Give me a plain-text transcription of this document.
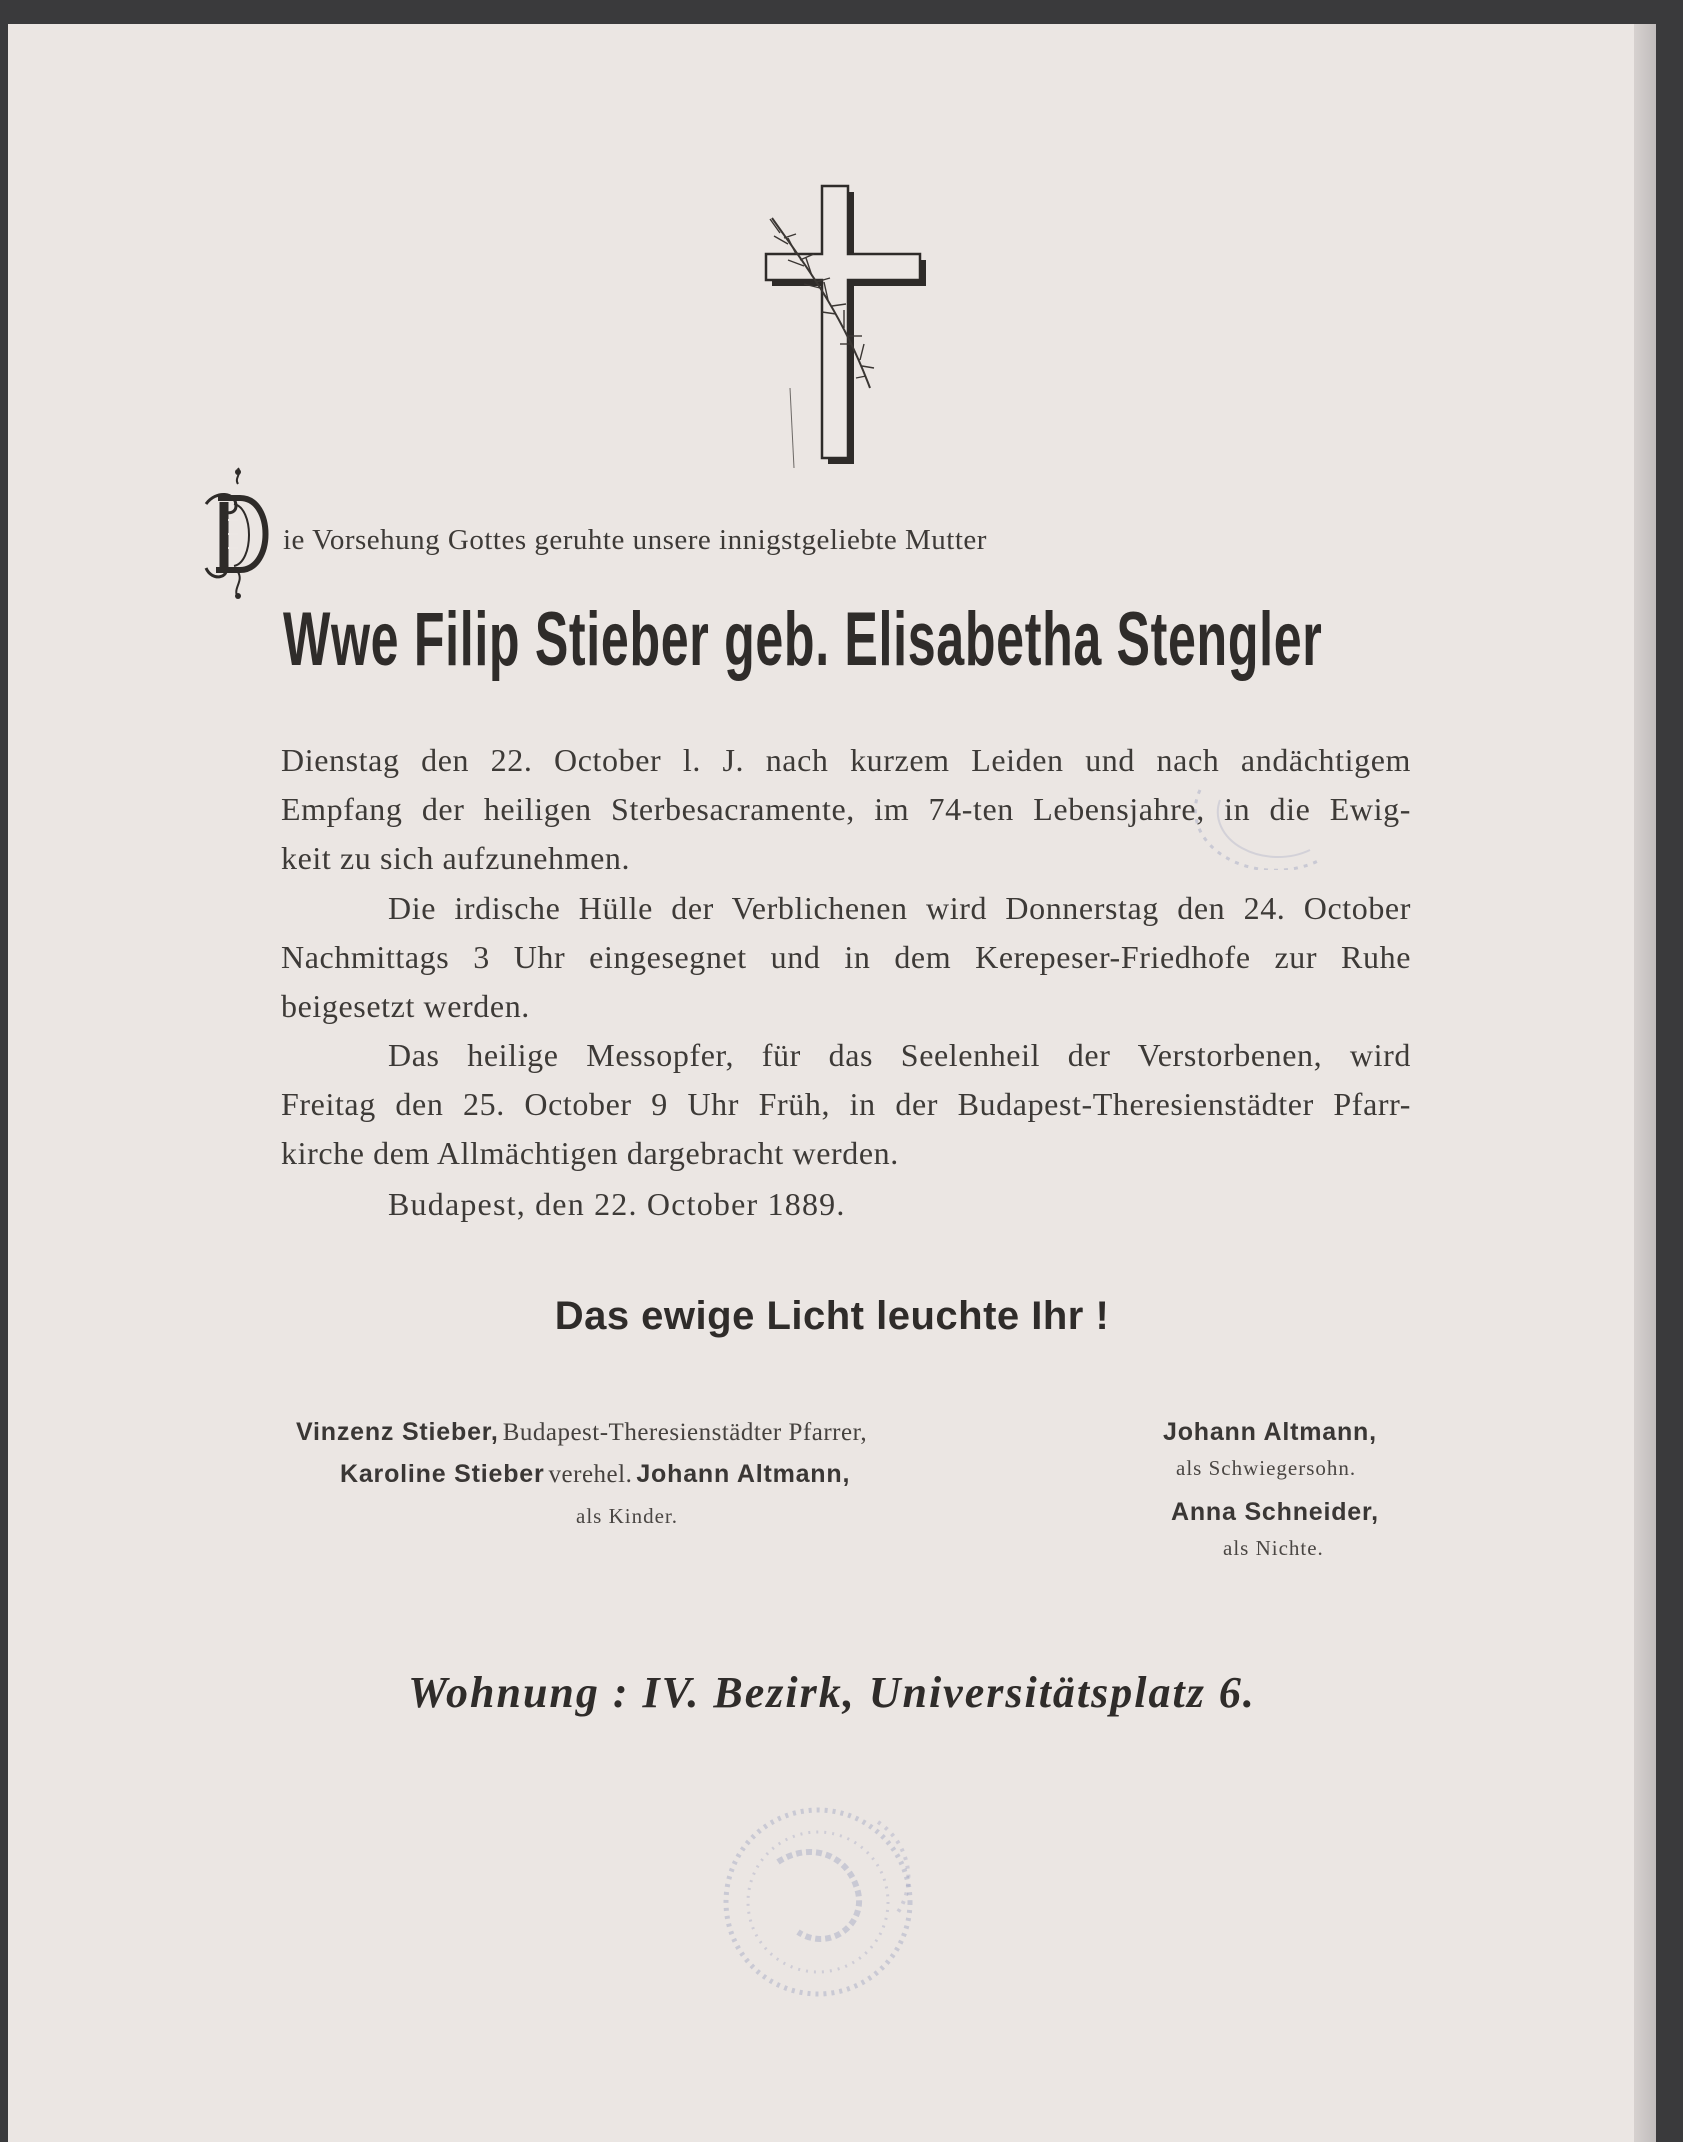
ie Vorsehung Gottes geruhte unsere innigstgeliebte Mutter

Wwe Filip Stieber geb. Elisabetha Stengler

Dienstag den 22. October l. J. nach kurzem Leiden und nach andächtigem

Empfang der heiligen Sterbesacramente, im 74-ten Lebensjahre, in die Ewig-

keit zu sich aufzunehmen.

Die irdische Hülle der Verblichenen wird Donnerstag den 24. October

Nachmittags 3 Uhr eingesegnet und in dem Kerepeser-Friedhofe zur Ruhe

beigesetzt werden.

Das heilige Messopfer, für das Seelenheil der Verstorbenen, wird

Freitag den 25. October 9 Uhr Früh, in der Budapest-Theresienstädter Pfarr-

kirche dem Allmächtigen dargebracht werden.

Budapest, den 22. October 1889.

Das ewige Licht leuchte Ihr !

Vinzenz Stieber, Budapest-Theresienstädter Pfarrer,

Karoline Stieber verehel. Johann Altmann,

als Kinder.

Johann Altmann,

als Schwiegersohn.

Anna Schneider,

als Nichte.

Wohnung : IV. Bezirk, Universitätsplatz 6.
